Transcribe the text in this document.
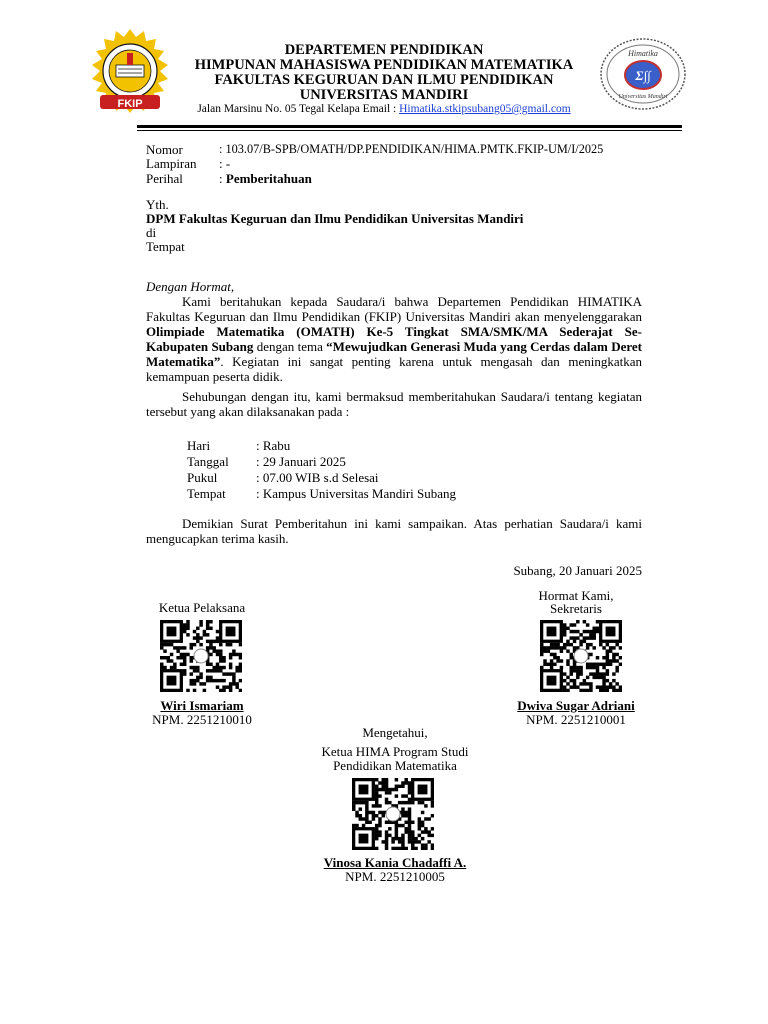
FKIP
Himatika
Σ∫∫
Universitas Mandiri
DEPARTEMEN PENDIDIKAN
HIMPUNAN MAHASISWA PENDIDIKAN MATEMATIKA
FAKULTAS KEGURUAN DAN ILMU PENDIDIKAN
UNIVERSITAS MANDIRI
Jalan Marsinu No. 05 Tegal Kelapa Email : Himatika.stkipsubang05@gmail.com
Nomor	: 103.07/B-SPB/OMATH/DP.PENDIDIKAN/HIMA.PMTK.FKIP-UM/I/2025
Lampiran : -
Perihal	: Pemberitahuan
Yth.
DPM Fakultas Keguruan dan Ilmu Pendidikan Universitas Mandiri
di
Tempat
Dengan Hormat,
Kami beritahukan kepada Saudara/i bahwa Departemen Pendidikan HIMATIKA Fakultas Keguruan dan Ilmu Pendidikan (FKIP) Universitas Mandiri akan menyelenggarakan Olimpiade Matematika (OMATH) Ke-5 Tingkat SMA/SMK/MA Sederajat Se-Kabupaten Subang dengan tema “Mewujudkan Generasi Muda yang Cerdas dalam Deret Matematika”. Kegiatan ini sangat penting karena untuk mengasah dan meningkatkan kemampuan peserta didik.
Sehubungan dengan itu, kami bermaksud memberitahukan Saudara/i tentang kegiatan tersebut yang akan dilaksanakan pada :
Hari	: Rabu
Tanggal : 29 Januari 2025
Pukul	: 07.00 WIB s.d Selesai
Tempat : Kampus Universitas Mandiri Subang
Demikian Surat Pemberitahun ini kami sampaikan. Atas perhatian Saudara/i kami mengucapkan terima kasih.
Subang, 20 Januari 2025
Hormat Kami,
Ketua Pelaksana
Wiri Ismariam
NPM. 2251210010
Sekretaris
Dwiva Sugar Adriani
NPM. 2251210001
Mengetahui,
Ketua HIMA Program Studi
Pendidikan Matematika
Vinosa Kania Chadaffi A.
NPM. 2251210005
